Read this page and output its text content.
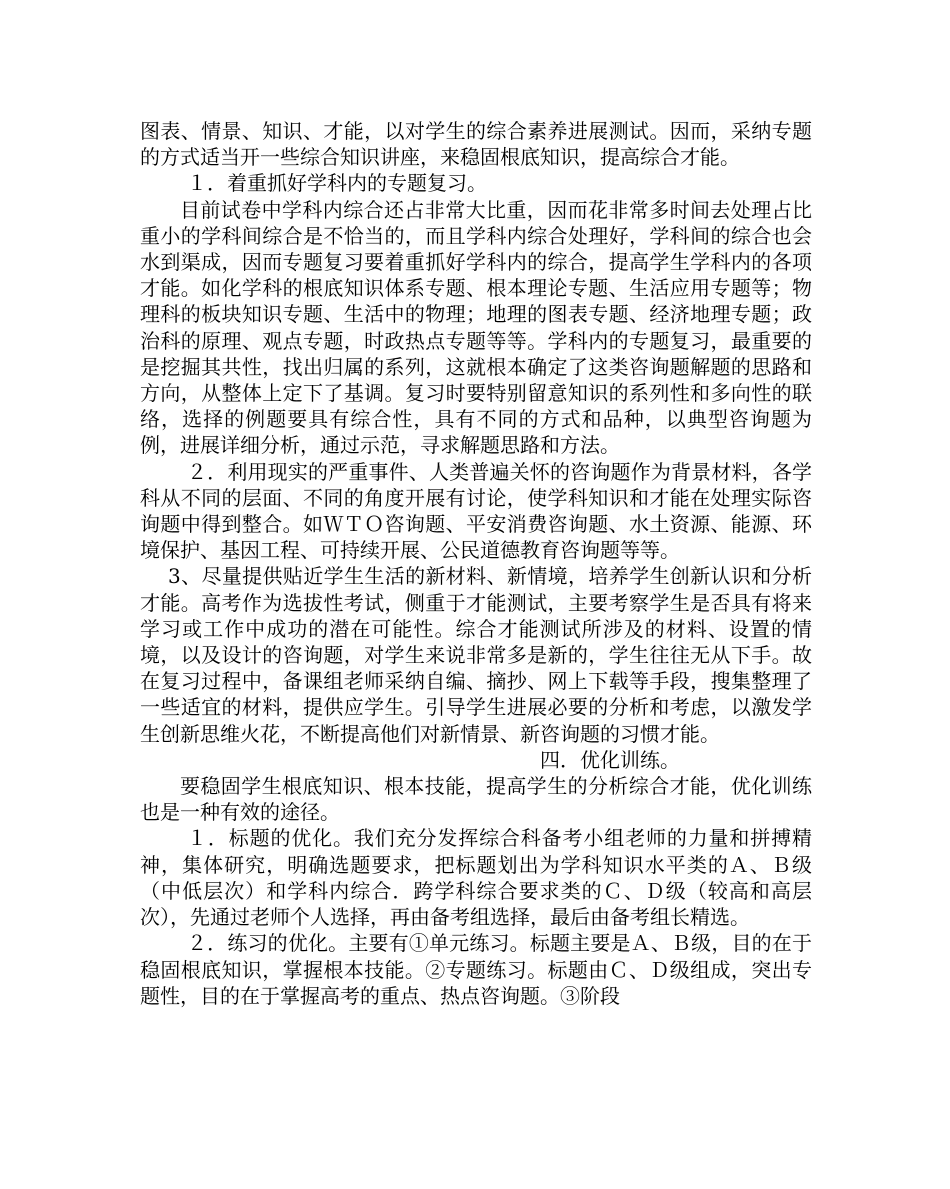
图表、情景、知识、才能，以对学生的综合素养进展测试。因而，采纳专题的方式适当开一些综合知识讲座，来稳固根底知识，提高综合才能。

１．着重抓好学科内的专题复习。

目前试卷中学科内综合还占非常大比重，因而花非常多时间去处理占比重小的学科间综合是不恰当的，而且学科内综合处理好，学科间的综合也会水到渠成，因而专题复习要着重抓好学科内的综合，提高学生学科内的各项才能。如化学科的根底知识体系专题、根本理论专题、生活应用专题等；物理科的板块知识专题、生活中的物理；地理的图表专题、经济地理专题；政治科的原理、观点专题，时政热点专题等等。学科内的专题复习，最重要的是挖掘其共性，找出归属的系列，这就根本确定了这类咨询题解题的思路和方向，从整体上定下了基调。复习时要特别留意知识的系列性和多向性的联络，选择的例题要具有综合性，具有不同的方式和品种，以典型咨询题为例，进展详细分析，通过示范，寻求解题思路和方法。

２．利用现实的严重事件、人类普遍关怀的咨询题作为背景材料，各学科从不同的层面、不同的角度开展有讨论，使学科知识和才能在处理实际咨询题中得到整合。如ＷＴＯ咨询题、平安消费咨询题、水土资源、能源、环境保护、基因工程、可持续开展、公民道德教育咨询题等等。

3、尽量提供贴近学生生活的新材料、新情境，培养学生创新认识和分析才能。高考作为选拔性考试，侧重于才能测试，主要考察学生是否具有将来学习或工作中成功的潜在可能性。综合才能测试所涉及的材料、设置的情境，以及设计的咨询题，对学生来说非常多是新的，学生往往无从下手。故在复习过程中，备课组老师采纳自编、摘抄、网上下载等手段，搜集整理了一些适宜的材料，提供应学生。引导学生进展必要的分析和考虑，以激发学生创新思维火花，不断提高他们对新情景、新咨询题的习惯才能。

四．优化训练。

要稳固学生根底知识、根本技能，提高学生的分析综合才能，优化训练也是一种有效的途径。

１．标题的优化。我们充分发挥综合科备考小组老师的力量和拼搏精神，集体研究，明确选题要求，把标题划出为学科知识水平类的Ａ、Ｂ级（中低层次）和学科内综合．跨学科综合要求类的Ｃ、Ｄ级（较高和高层次），先通过老师个人选择，再由备考组选择，最后由备考组长精选。

２．练习的优化。主要有①单元练习。标题主要是Ａ、Ｂ级，目的在于稳固根底知识，掌握根本技能。②专题练习。标题由Ｃ、Ｄ级组成，突出专题性，目的在于掌握高考的重点、热点咨询题。③阶段
